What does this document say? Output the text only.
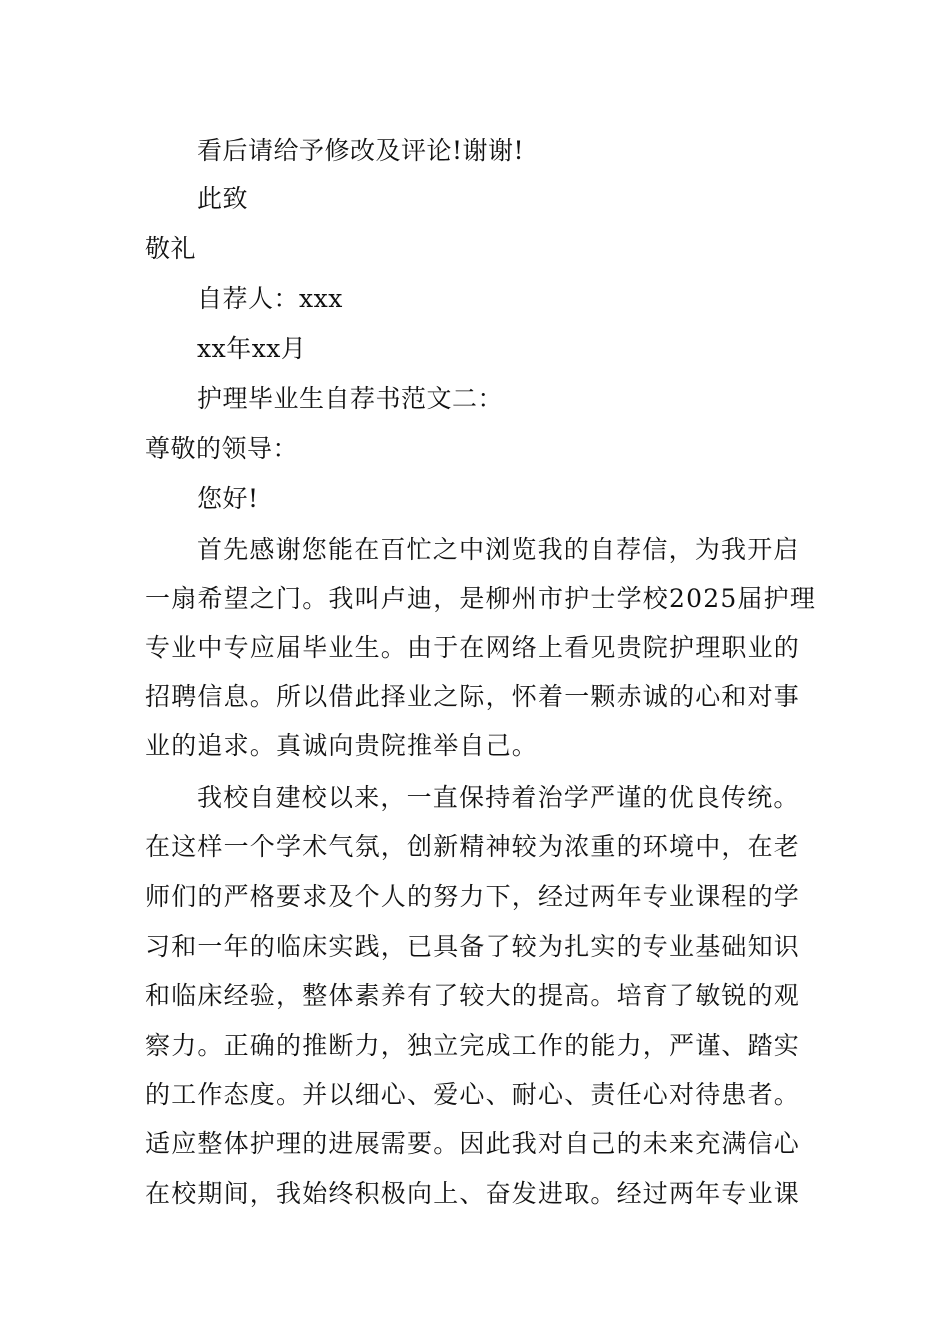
看后请给予修改及评论!谢谢!
此致
敬礼
自荐人：xxx
xx年xx月
护理毕业生自荐书范文二：
尊敬的领导：
您好!
首先感谢您能在百忙之中浏览我的自荐信，为我开启
一扇希望之门。我叫卢迪，是柳州市护士学校2025届护理
专业中专应届毕业生。由于在网络上看见贵院护理职业的
招聘信息。所以借此择业之际，怀着一颗赤诚的心和对事
业的追求。真诚向贵院推举自己。
我校自建校以来，一直保持着治学严谨的优良传统。
在这样一个学术气氛，创新精神较为浓重的环境中，在老
师们的严格要求及个人的努力下，经过两年专业课程的学
习和一年的临床实践，已具备了较为扎实的专业基础知识
和临床经验，整体素养有了较大的提高。培育了敏锐的观
察力。正确的推断力，独立完成工作的能力，严谨、踏实
的工作态度。并以细心、爱心、耐心、责任心对待患者。
适应整体护理的进展需要。因此我对自己的未来充满信心
在校期间，我始终积极向上、奋发进取。经过两年专业课
